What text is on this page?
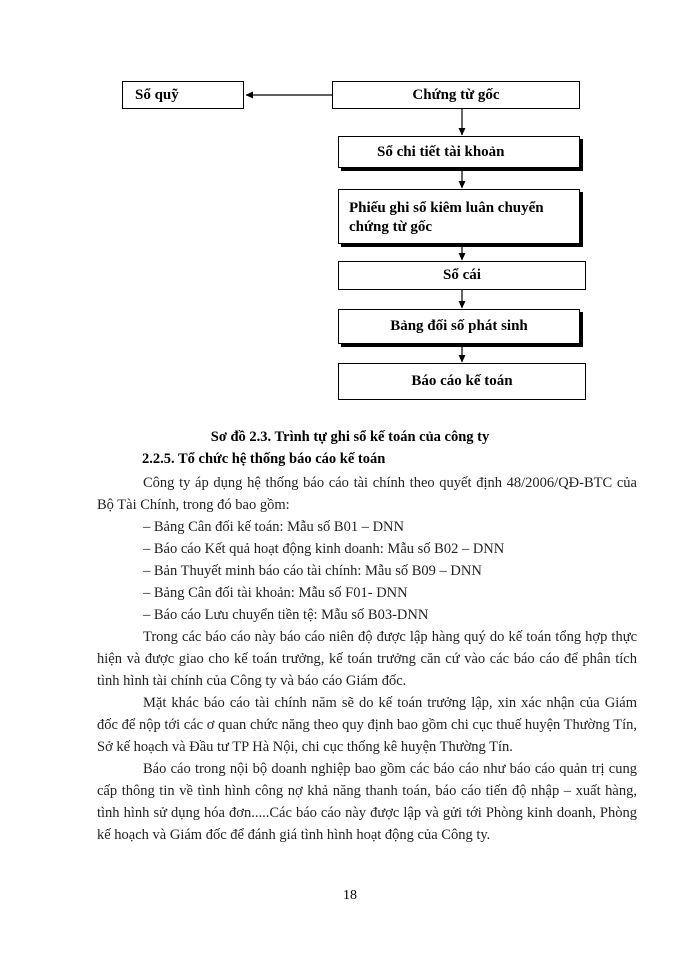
Sổ quỹ	Chứng từ gốc
Sổ chi tiết tài khoản
Phiếu ghi sổ kiêm luân chuyển
chứng từ gốc
Sổ cái
Bảng đối số phát sinh
Báo cáo kế toán
Sơ đồ 2.3. Trình tự ghi sổ kế toán của công ty
2.2.5. Tổ chức hệ thống báo cáo kế toán

Công ty áp dụng hệ thống báo cáo tài chính theo quyết định 48/2006/QĐ-BTC của Bộ Tài Chính, trong đó bao gồm:

– Bảng Cân đối kế toán: Mẫu số B01 – DNN

– Báo cáo Kết quả hoạt động kinh doanh: Mẫu số B02 – DNN

– Bản Thuyết minh báo cáo tài chính: Mẫu số B09 – DNN

– Bảng Cân đối tài khoản: Mẫu số F01- DNN

– Báo cáo Lưu chuyển tiền tệ: Mẫu số B03-DNN

Trong các báo cáo này báo cáo niên độ được lập hàng quý do kế toán tổng hợp thực hiện và được giao cho kế toán trưởng, kế toán trưởng căn cứ vào các báo cáo để phân tích tình hình tài chính của Công ty và báo cáo Giám đốc.

Mặt khác báo cáo tài chính năm sẽ do kế toán trưởng lập, xin xác nhận của Giám đốc để nộp tới các ơ quan chức năng theo quy định bao gồm chi cục thuế huyện Thường Tín, Sở kế hoạch và Đầu tư TP Hà Nội, chi cục thống kê huyện Thường Tín.

Báo cáo trong nội bộ doanh nghiệp bao gồm các báo cáo như báo cáo quản trị cung cấp thông tin về tình hình công nợ khả năng thanh toán, báo cáo tiến độ nhập – xuất hàng, tình hình sử dụng hóa đơn.....Các báo cáo này được lập và gửi tới Phòng kinh doanh, Phòng kế hoạch và Giám đốc để đánh giá tình hình hoạt động của Công ty.

18
